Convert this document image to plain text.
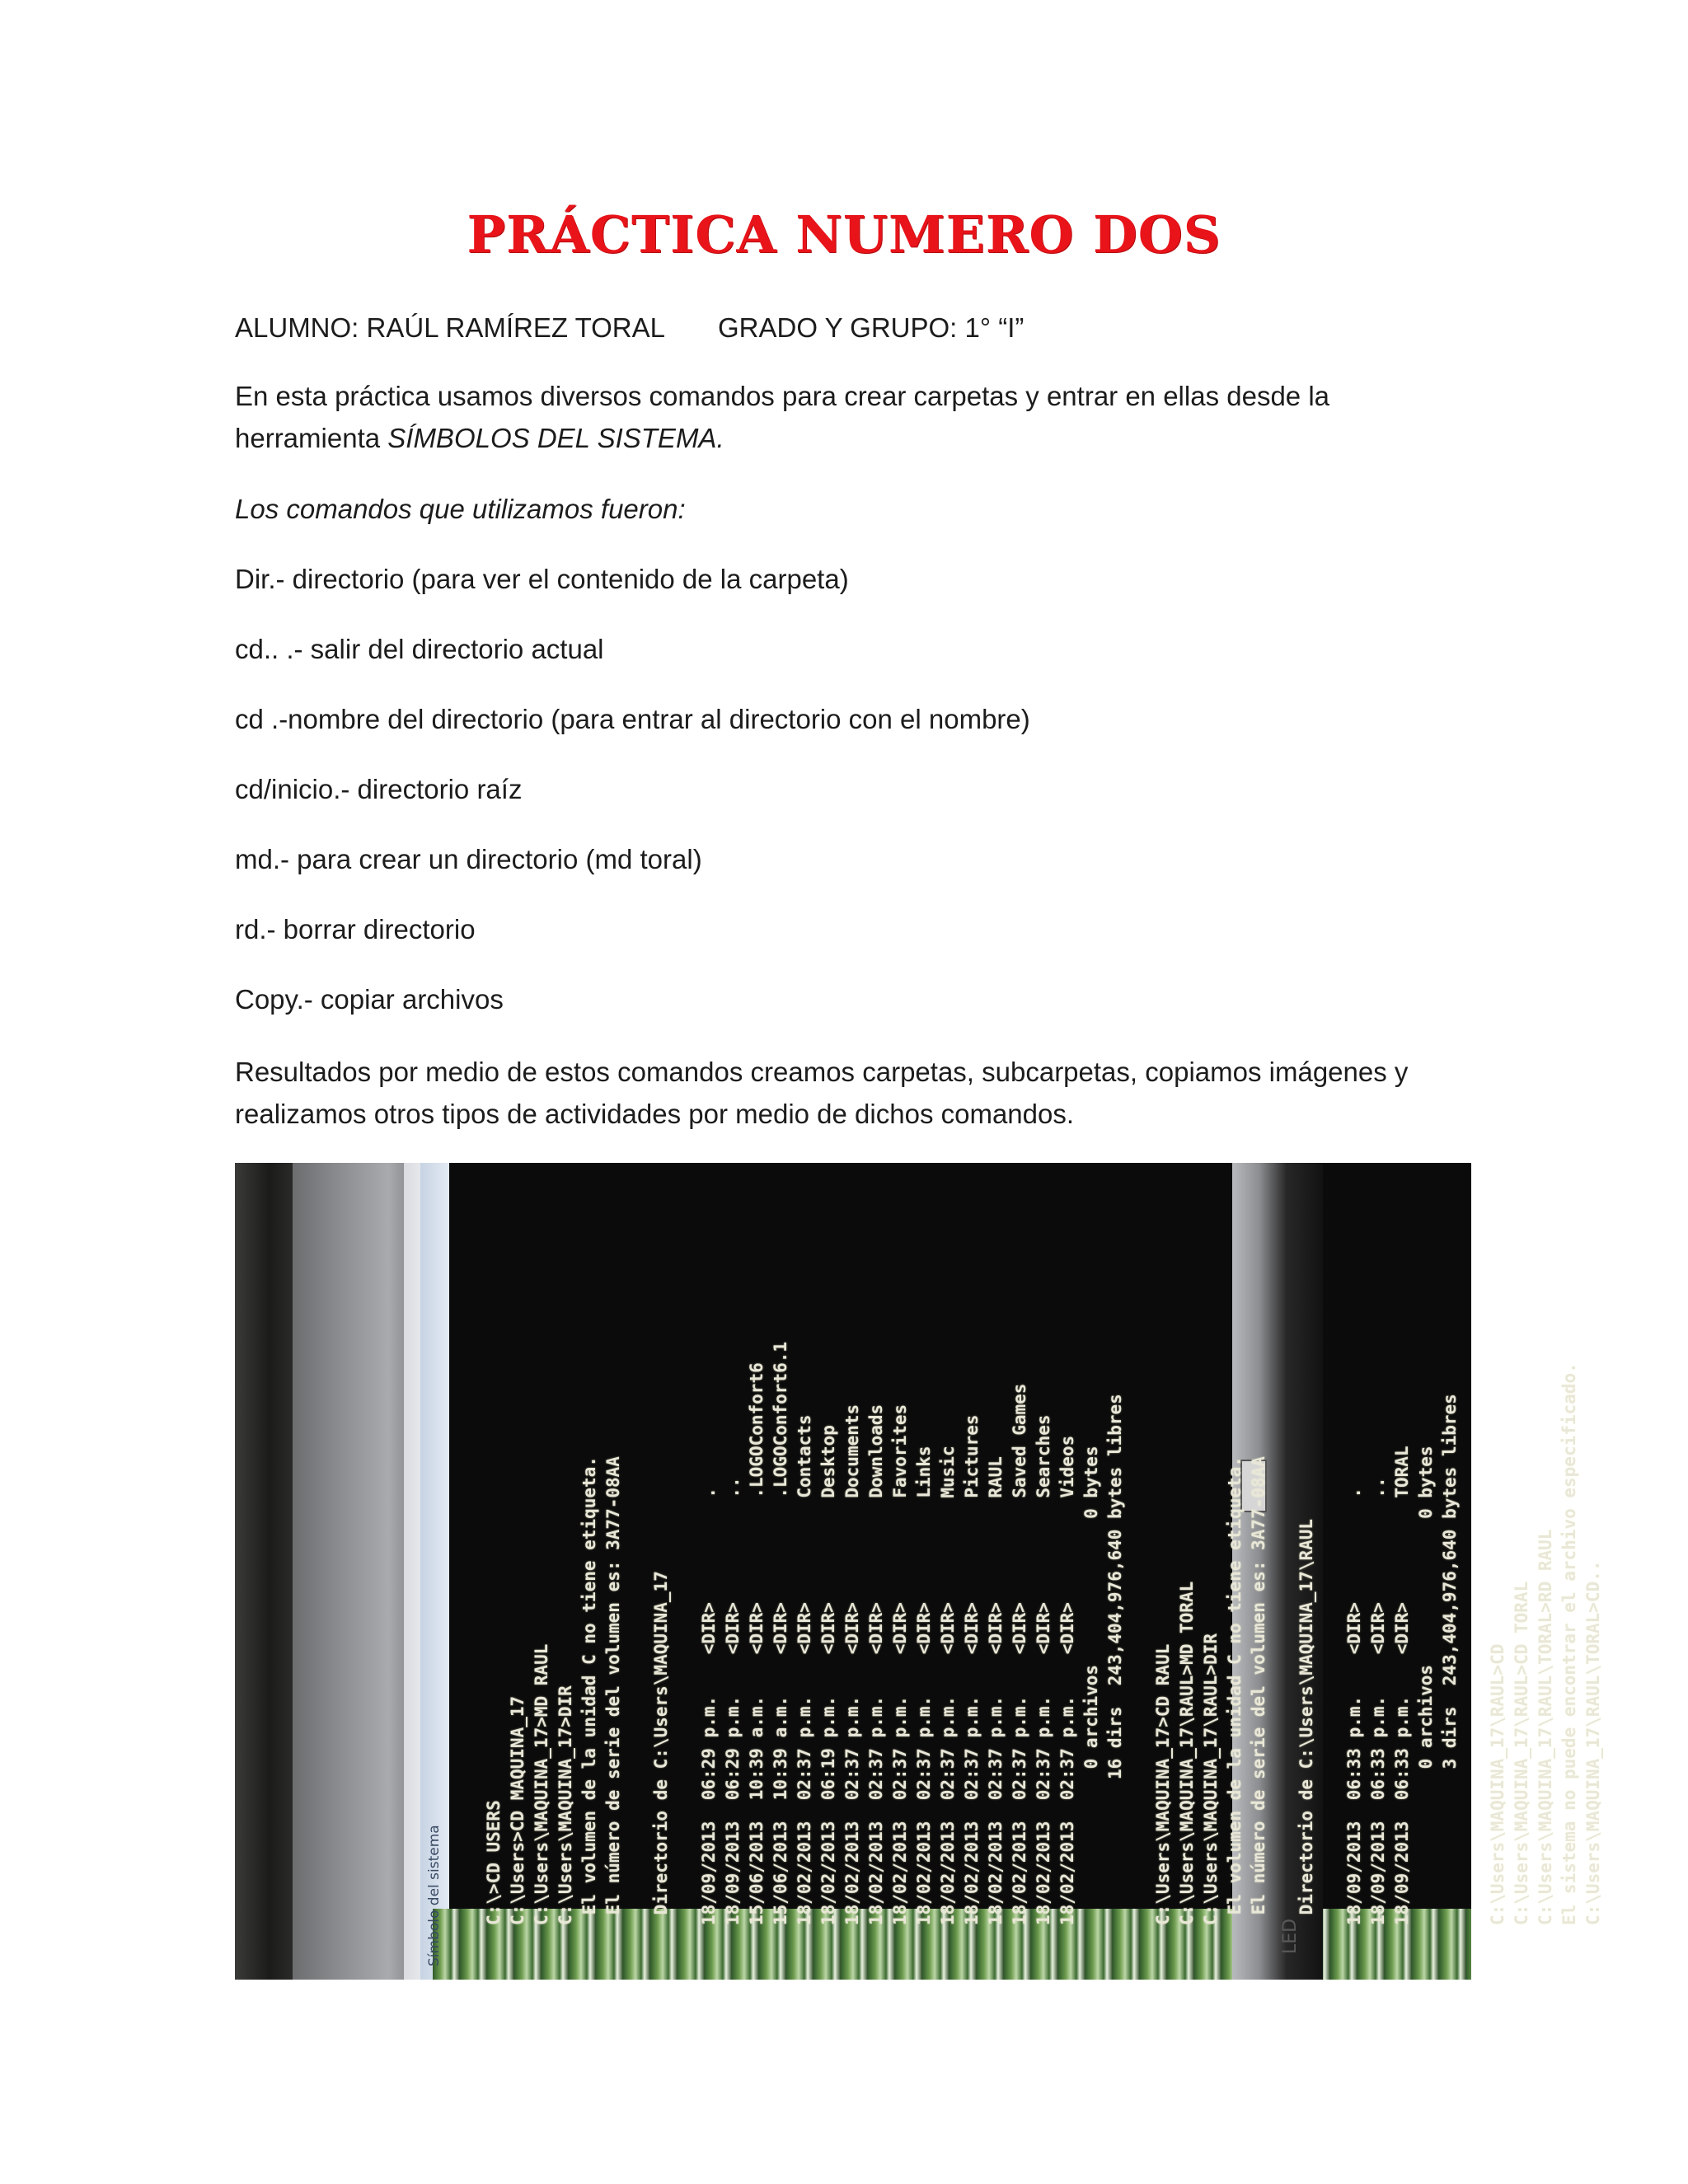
PRÁCTICA NUMERO DOS

ALUMNO: RAÚL RAMÍREZ TORAL GRADO Y GRUPO: 1° “I”

En esta práctica usamos diversos comandos para crear carpetas y entrar en ellas desde la herramienta SÍMBOLOS DEL SISTEMA.

Los comandos que utilizamos fueron:

Dir.- directorio (para ver el contenido de la carpeta)

cd.. .- salir del directorio actual

cd .-nombre del directorio (para entrar al directorio con el nombre)

cd/inicio.- directorio raíz

md.- para crear un directorio (md toral)

rd.- borrar directorio

Copy.- copiar archivos

Resultados por medio de estos comandos creamos carpetas, subcarpetas, copiamos imágenes y realizamos otros tipos de actividades por medio de dichos comandos.

LED
Símbolo del sistema C:\>CD USERS C:\Users>CD MAQUINA_17 C:\Users\MAQUINA_17>MD RAUL C:\Users\MAQUINA_17>DIR El volumen de la unidad C no tiene etiqueta. El número de serie del volumen es: 3A77-08AA Directorio de C:\Users\MAQUINA_17 18/09/2013  06:29 p.m.    <DIR>          . 18/09/2013  06:29 p.m.    <DIR>          .. 15/06/2013  10:39 a.m.    <DIR>          .LOGOConfort6 15/06/2013  10:39 a.m.    <DIR>          .LOGOConfort6.1 18/02/2013  02:37 p.m.    <DIR>          Contacts 18/02/2013  06:19 p.m.    <DIR>          Desktop 18/02/2013  02:37 p.m.    <DIR>          Documents 18/02/2013  02:37 p.m.    <DIR>          Downloads 18/02/2013  02:37 p.m.    <DIR>          Favorites 18/02/2013  02:37 p.m.    <DIR>          Links 18/02/2013  02:37 p.m.    <DIR>          Music 18/02/2013  02:37 p.m.    <DIR>          Pictures 18/02/2013  02:37 p.m.    <DIR>          RAUL 18/02/2013  02:37 p.m.    <DIR>          Saved Games 18/02/2013  02:37 p.m.    <DIR>          Searches 18/02/2013  02:37 p.m.    <DIR>          Videos 0 archivos              0 bytes 16 dirs  243,404,976,640 bytes libres C:\Users\MAQUINA_17>CD RAUL C:\Users\MAQUINA_17\RAUL>MD TORAL C:\Users\MAQUINA_17\RAUL>DIR El volumen de la unidad C no tiene etiqueta. El número de serie del volumen es: 3A77-08AA Directorio de C:\Users\MAQUINA_17\RAUL 18/09/2013  06:33 p.m.    <DIR>          . 18/09/2013  06:33 p.m.    <DIR>          .. 18/09/2013  06:33 p.m.    <DIR>          TORAL 0 archivos              0 bytes 3 dirs  243,404,976,640 bytes libres C:\Users\MAQUINA_17\RAUL>CD C:\Users\MAQUINA_17\RAUL>CD TORAL C:\Users\MAQUINA_17\RAUL\TORAL>RD RAUL El sistema no puede encontrar el archivo especificado. C:\Users\MAQUINA_17\RAUL\TORAL>CD..
